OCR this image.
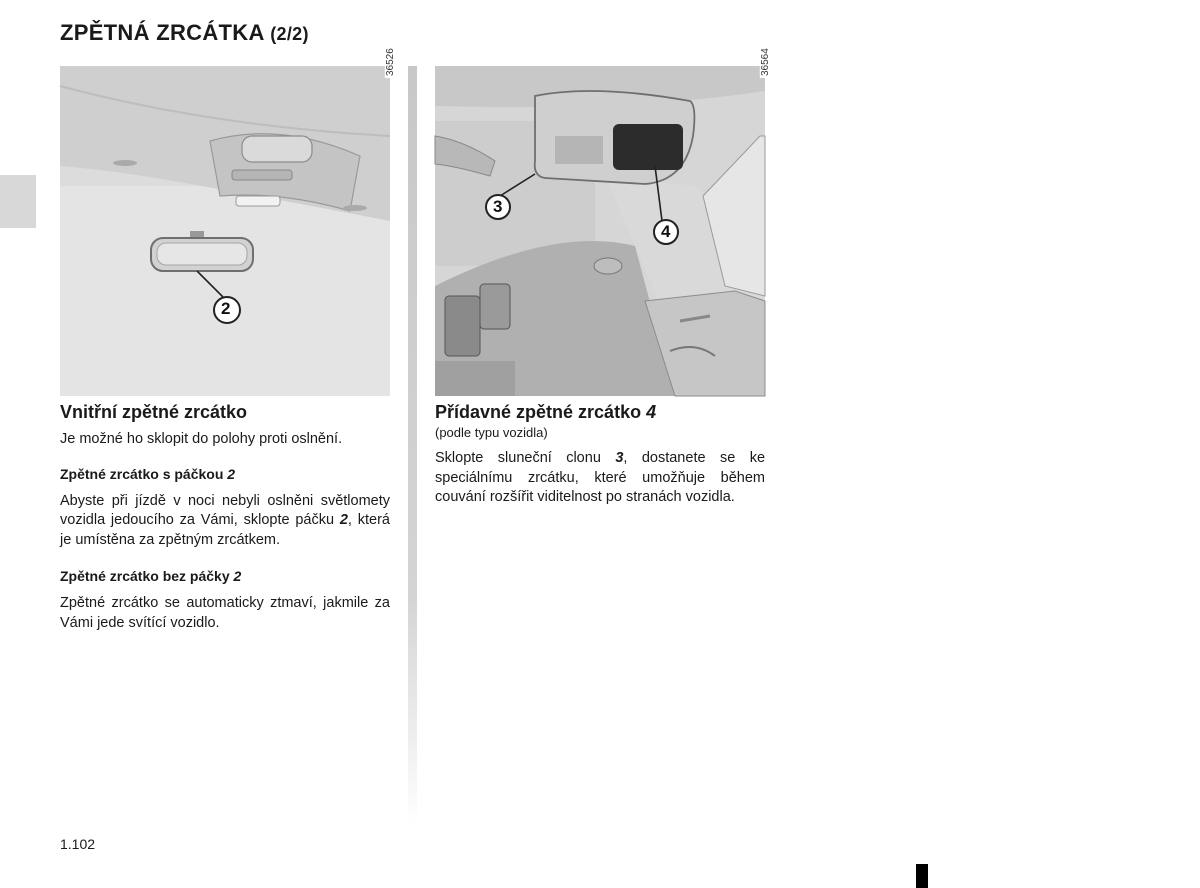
ZPĚTNÁ ZRCÁTKA (2/2)
2
36526
3
4
36564
Vnitřní zpětné zrcátko

Je možné ho sklopit do polohy proti oslnění.

Zpětné zrcátko s páčkou 2

Abyste při jízdě v noci nebyli oslněni světlomety vozidla jedoucího za Vámi, sklopte páčku 2, která je umístěna za zpětným zrcátkem.

Zpětné zrcátko bez páčky 2

Zpětné zrcátko se automaticky ztmaví, jakmile za Vámi jede svítící vozidlo.

Přídavné zpětné zrcátko 4

(podle typu vozidla)

Sklopte sluneční clonu 3, dostanete se ke speciálnímu zrcátku, které umožňuje během couvání rozšířit viditelnost po stranách vozidla.

1.102
